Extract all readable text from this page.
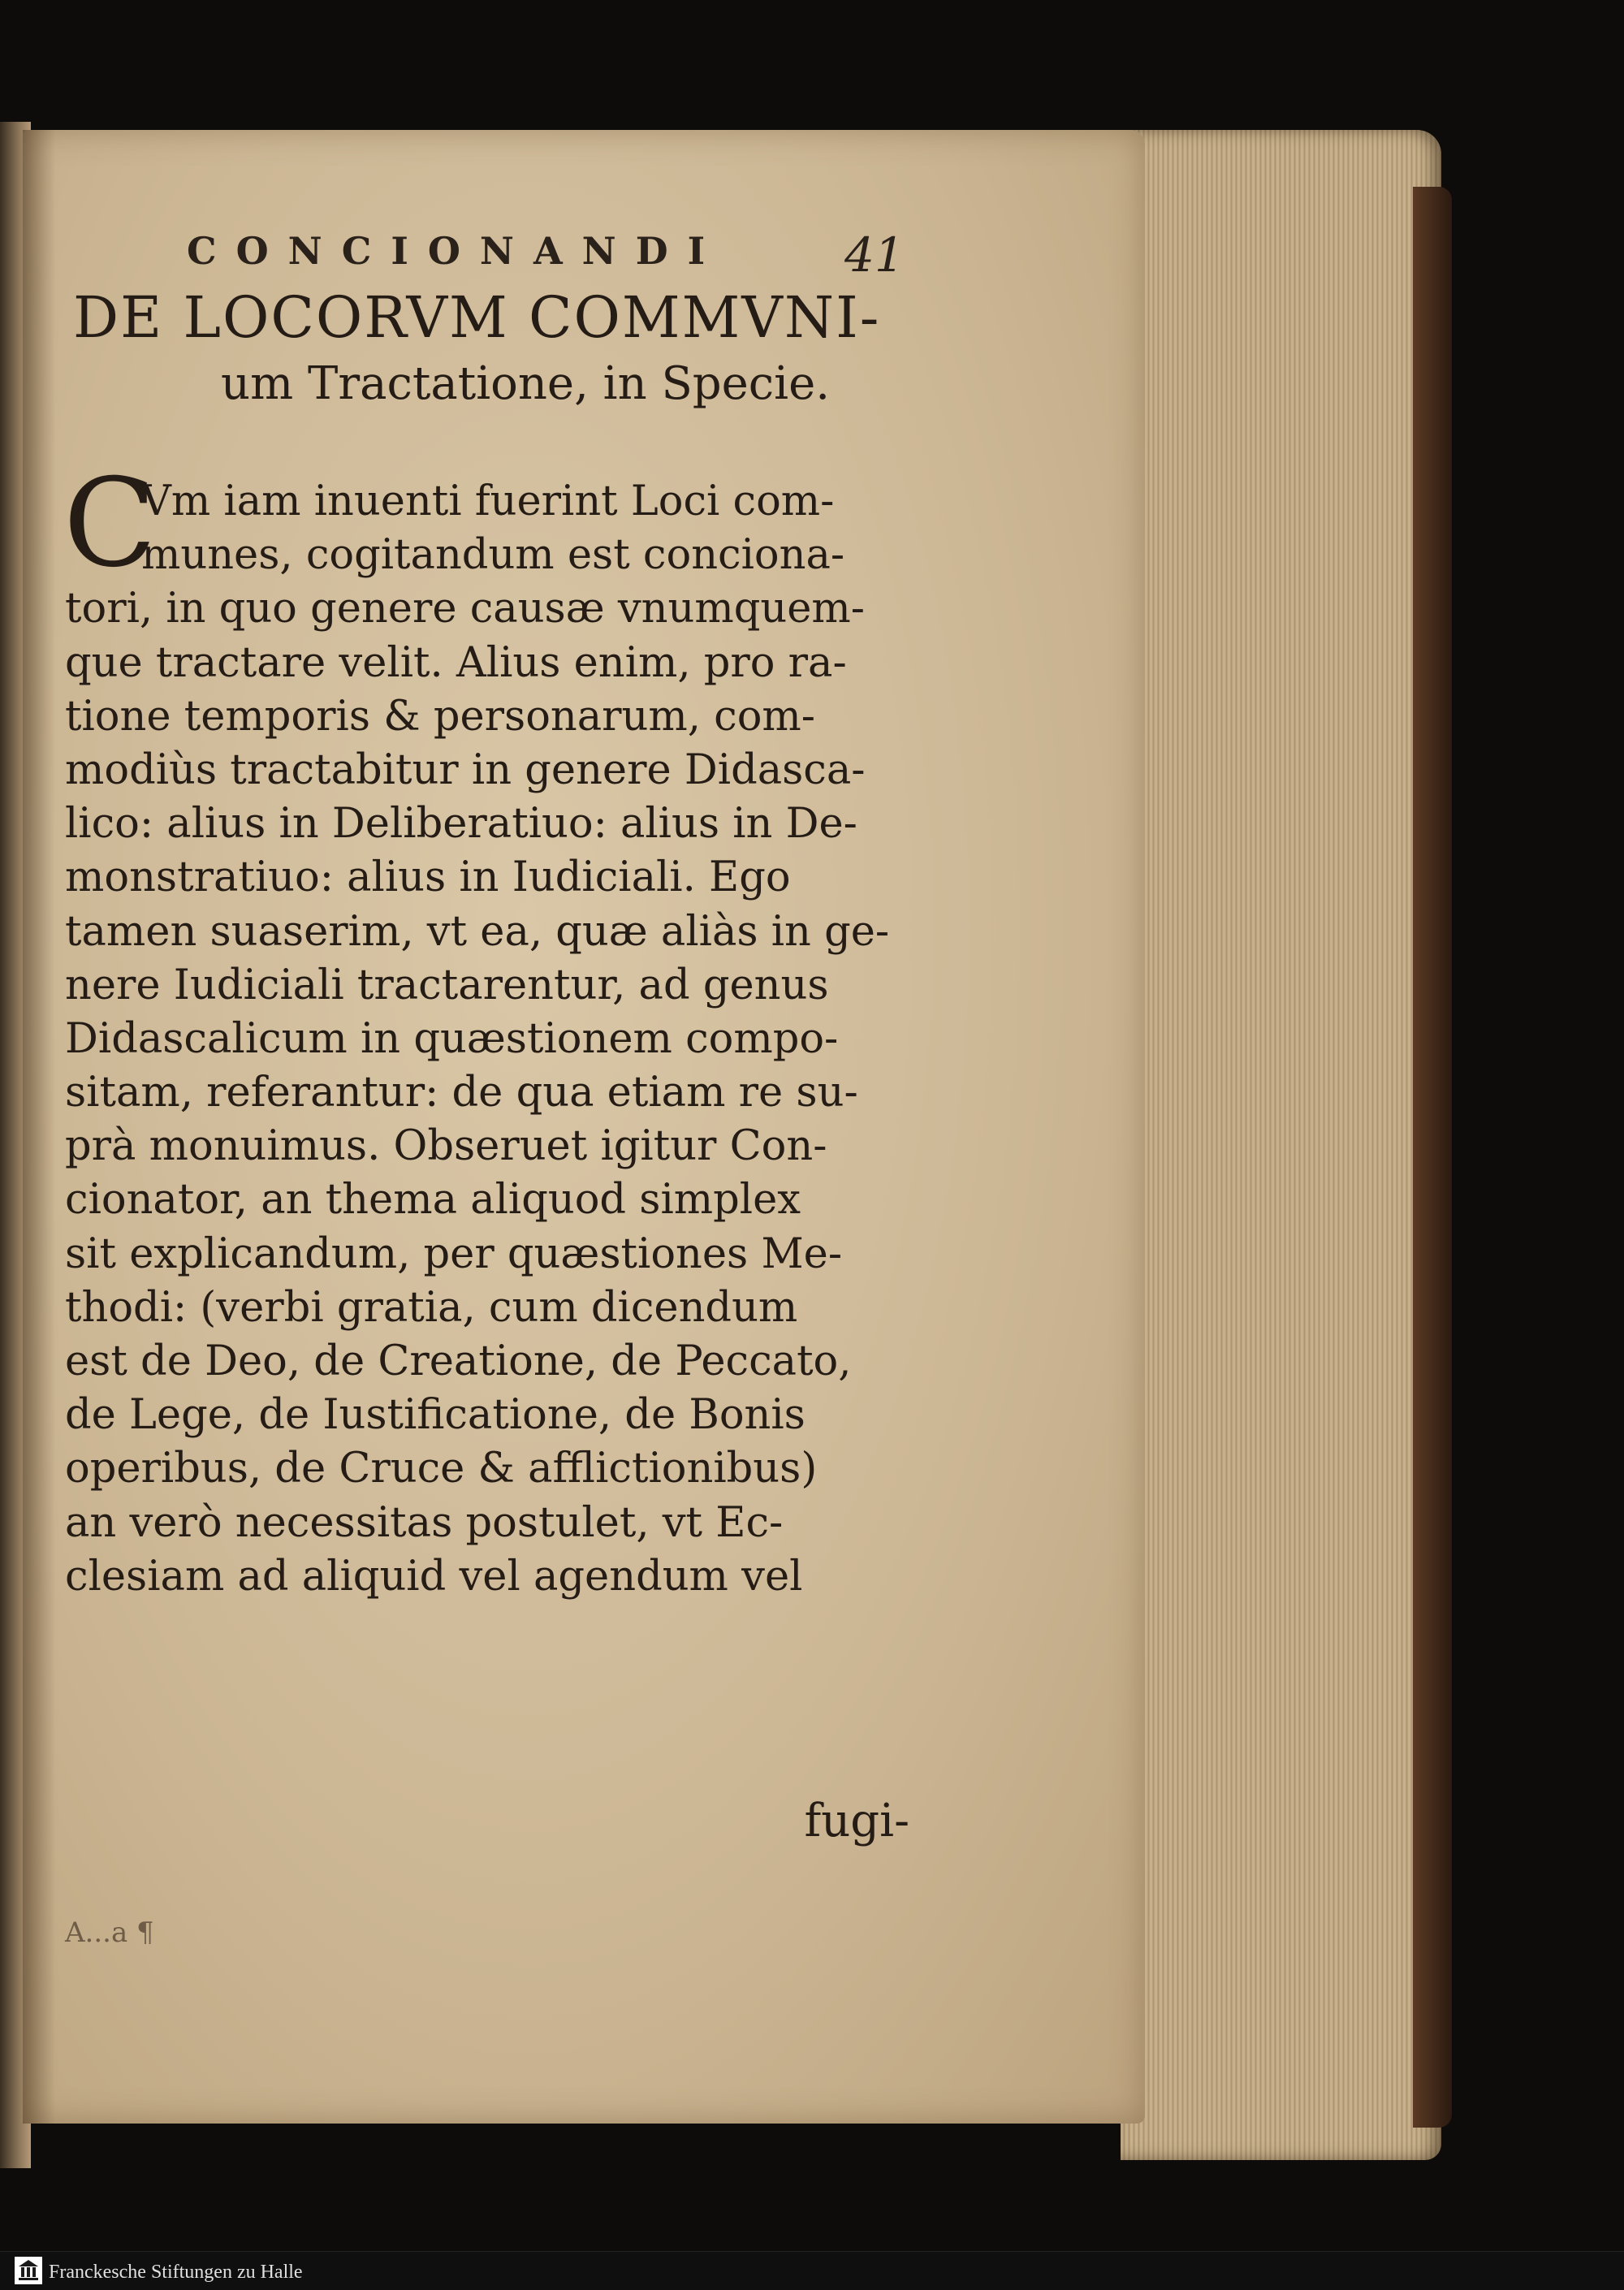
CONCIONANDI	41
DE LOCORVM COMMVNI-
um Tractatione, in Specie.
C
Vm iam inuenti fuerint Loci com-
munes, cogitandum est conciona-
tori, in quo genere causæ vnumquem-
que tractare velit. Alius enim, pro ra-
tione temporis & personarum, com-
modiùs tractabitur in genere Didasca-
lico: alius in Deliberatiuo: alius in De-
monstratiuo: alius in Iudiciali. Ego
tamen suaserim, vt ea, quæ aliàs in ge-
nere Iudiciali tractarentur, ad genus
Didascalicum in quæstionem compo-
sitam, referantur: de qua etiam re su-
prà monuimus. Obseruet igitur Con-
cionator, an thema aliquod simplex
sit explicandum, per quæstiones Me-
thodi: (verbi gratia, cum dicendum
est de Deo, de Creatione, de Peccato,
de Lege, de Iustificatione, de Bonis
operibus, de Cruce & afflictionibus)
an verò necessitas postulet, vt Ec-
clesiam ad aliquid vel agendum vel
fugi-
A...a ¶
Franckesche Stiftungen zu Halle
